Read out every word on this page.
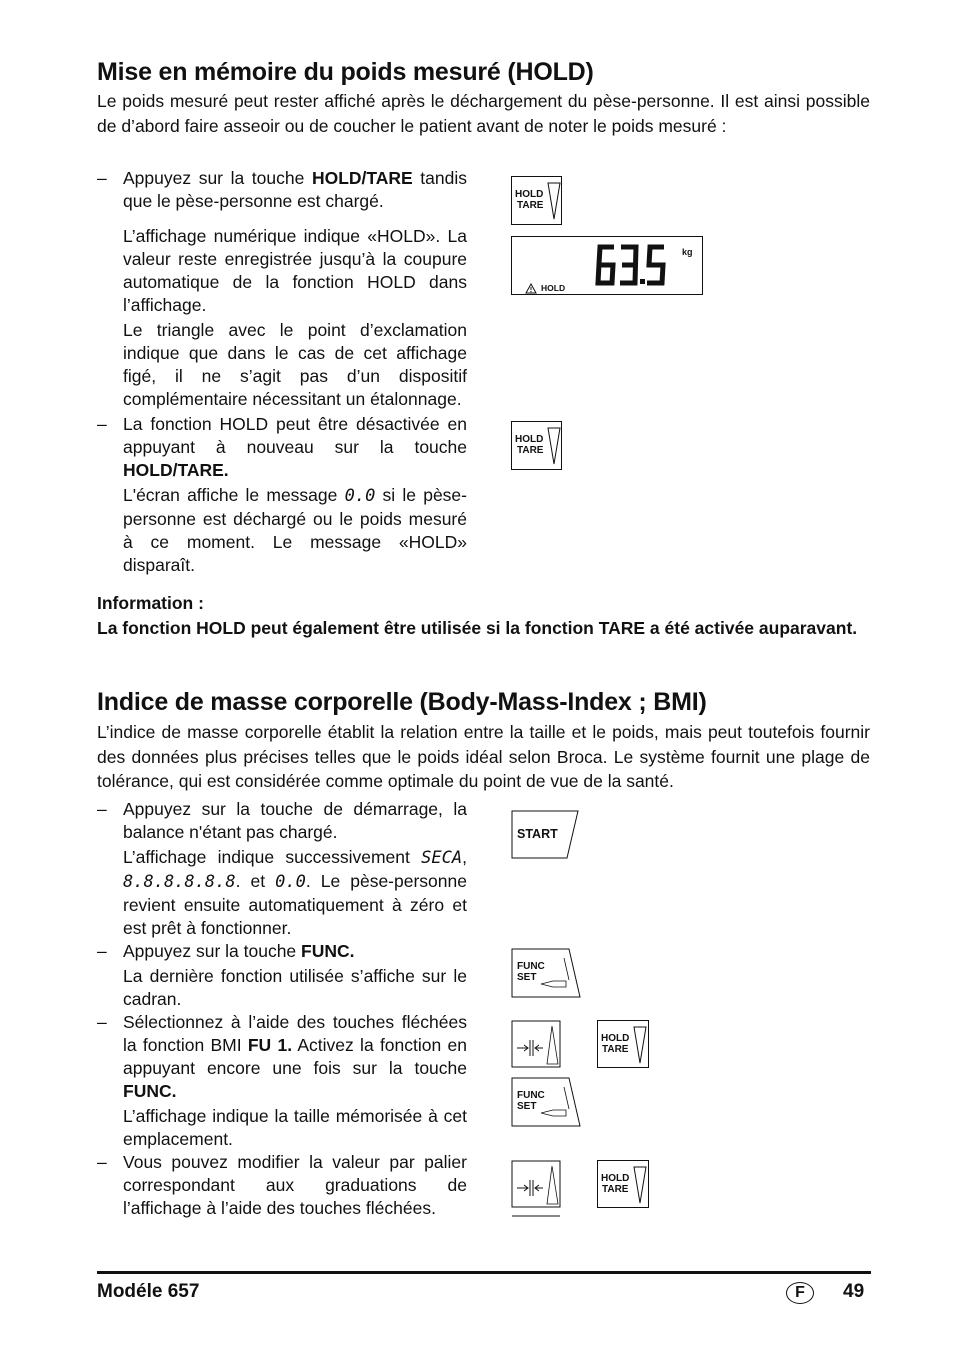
Mise en mémoire du poids mesuré (HOLD)

Le poids mesuré peut rester affiché après le déchargement du pèse-personne. Il est ainsi possible de d’abord faire asseoir ou de coucher le patient avant de noter le poids mesuré :

– Appuyez sur la touche HOLD/TARE tandis que le pèse-personne est chargé.

L’affichage numérique indique «HOLD». La valeur reste enregistrée jusqu’à la coupure automatique de la fonction HOLD dans l’affichage.

Le triangle avec le point d’exclamation indique que dans le cas de cet affichage figé, il ne s’agit pas d’un dispositif complémentaire nécessitant un étalonnage.

– La fonction HOLD peut être désactivée en appuyant à nouveau sur la touche HOLD/TARE.

L'écran affiche le message 0.0 si le pèse-personne est déchargé ou le poids mesuré à ce moment. Le message «HOLD» disparaît.

HOLD
TARE
kg
HOLD
HOLD
TARE
Information :
La fonction HOLD peut également être utilisée si la fonction TARE a été activée auparavant.
Indice de masse corporelle (Body-Mass-Index ; BMI)

L’indice de masse corporelle établit la relation entre la taille et le poids, mais peut toutefois fournir des données plus précises telles que le poids idéal selon Broca. Le système fournit une plage de tolérance, qui est considérée comme optimale du point de vue de la santé.

– Appuyez sur la touche de démarrage, la balance n'étant pas chargé.

L’affichage indique successivement SECA, 8.8.8.8.8.8. et 0.0. Le pèse-personne revient ensuite automatiquement à zéro et est prêt à fonctionner.

– Appuyez sur la touche FUNC.

La dernière fonction utilisée s’affiche sur le cadran.

– Sélectionnez à l’aide des touches fléchées la fonction BMI FU 1. Activez la fonction en appuyant encore une fois sur la touche FUNC.

L’affichage indique la taille mémorisée à cet emplacement.

– Vous pouvez modifier la valeur par palier correspondant aux graduations de l’affichage à l’aide des touches fléchées.

START
FUNC
SET
HOLD
TARE
FUNC
SET
HOLD
TARE
Modéle 657	F	49
